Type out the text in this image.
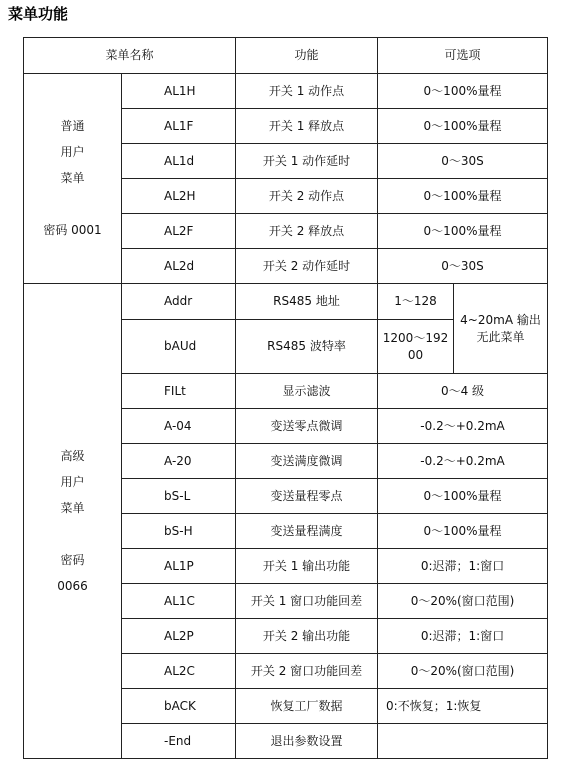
菜单功能
菜单名称		功能	可选项	

普通
用户
菜单
密码 0001	AL1H	开关 1 动作点	0～100%量程	
	AL1F	开关 1 释放点	0～100%量程	
	AL1d	开关 1 动作延时	0～30S	
	AL2H	开关 2 动作点	0～100%量程	
	AL2F	开关 2 释放点	0～100%量程	
	AL2d	开关 2 动作延时	0～30S	

高级
用户
菜单
密码
0066	Addr	RS485 地址	1～128	4~20mA 输出无此菜单
	bAUd	RS485 波特率	1200～19200	
	FILt	显示滤波	0～4 级	
	A-04	变送零点微调	-0.2～+0.2mA	
	A-20	变送满度微调	-0.2～+0.2mA	
	bS-L	变送量程零点	0～100%量程	
	bS-H	变送量程满度	0～100%量程	
	AL1P	开关 1 输出功能	0:迟滞；1:窗口	
	AL1C	开关 1 窗口功能回差	0～20%(窗口范围)	
	AL2P	开关 2 输出功能	0:迟滞；1:窗口	
	AL2C	开关 2 窗口功能回差	0～20%(窗口范围)	
	bACK	恢复工厂数据	0:不恢复；1:恢复	
	-End	退出参数设置		
